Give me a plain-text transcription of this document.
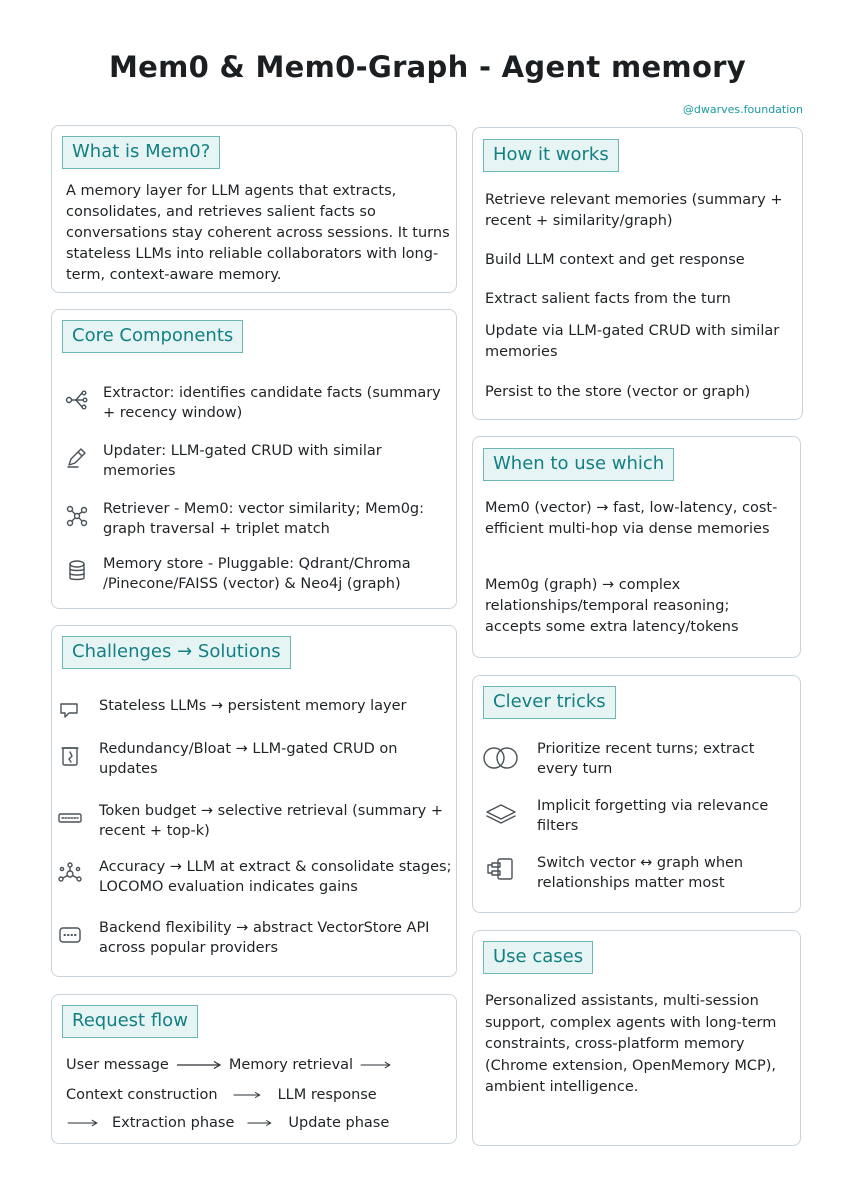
Mem0 & Mem0-Graph - Agent memory
@dwarves.foundation
What is Mem0?
A memory layer for LLM agents that extracts, consolidates, and retrieves salient facts so conversations stay coherent across sessions. It turns stateless LLMs into reliable collaborators with long-term, context-aware memory.
Core Components
Extractor: identifies candidate facts (summary + recency window)
Updater: LLM-gated CRUD with similar memories
Retriever - Mem0: vector similarity; Mem0g: graph traversal + triplet match
Memory store - Pluggable: Qdrant/Chroma /Pinecone/FAISS (vector) & Neo4j (graph)
Challenges → Solutions
Stateless LLMs → persistent memory layer
Redundancy/Bloat → LLM-gated CRUD on updates
Token budget → selective retrieval (summary + recent + top-k)
Accuracy → LLM at extract & consolidate stages; LOCOMO evaluation indicates gains
Backend flexibility → abstract VectorStore API across popular providers
Request flow
User message	Memory retrieval
Context construction	LLM response
Extraction phase	Update phase
How it works
Retrieve relevant memories (summary + recent + similarity/graph)
Build LLM context and get response
Extract salient facts from the turn
Update via LLM-gated CRUD with similar memories
Persist to the store (vector or graph)
When to use which
Mem0 (vector) → fast, low-latency, cost-efficient multi-hop via dense memories
Mem0g (graph) → complex relationships/temporal reasoning; accepts some extra latency/tokens
Clever tricks
Prioritize recent turns; extract every turn
Implicit forgetting via relevance filters
Switch vector ↔ graph when relationships matter most
Use cases
Personalized assistants, multi-session support, complex agents with long-term constraints, cross-platform memory (Chrome extension, OpenMemory MCP), ambient intelligence.
